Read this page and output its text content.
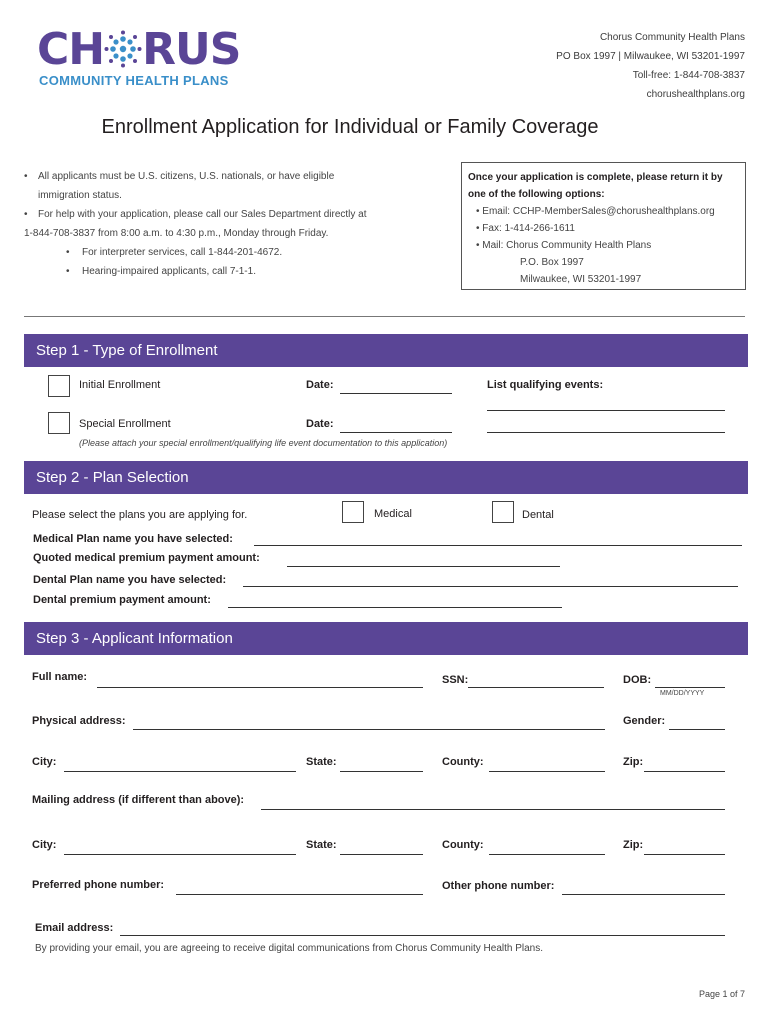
CH RUS
COMMUNITY HEALTH PLANS
Chorus Community Health Plans
PO Box 1997 | Milwaukee, WI 53201-1997
Toll-free: 1-844-708-3837
chorushealthplans.org
Enrollment Application for Individual or Family Coverage
• All applicants must be U.S. citizens, U.S. nationals, or have eligible
immigration status.
• For help with your application, please call our Sales Department directly at
1-844-708-3837 from 8:00 a.m. to 4:30 p.m., Monday through Friday.
• For interpreter services, call 1-844-201-4672.
• Hearing-impaired applicants, call 7-1-1.
Once your application is complete, please return it by
one of the following options:
• Email: CCHP-MemberSales@chorushealthplans.org
• Fax: 1-414-266-1611
• Mail: Chorus Community Health Plans
P.O. Box 1997
Milwaukee, WI 53201-1997
Step 1 - Type of Enrollment
Initial Enrollment	Date:	List qualifying events:
Special Enrollment	Date:
(Please attach your special enrollment/qualifying life event documentation to this application)
Step 2 - Plan Selection
Please select the plans you are applying for.	Medical	Dental
Medical Plan name you have selected:
Quoted medical premium payment amount:
Dental Plan name you have selected:
Dental premium payment amount:
Step 3 - Applicant Information
Full name:	SSN:	DOB:
MM/DD/YYYY
Physical address:	Gender:
City:	State:	County:	Zip:
Mailing address (if different than above):
City:	State:	County:	Zip:
Preferred phone number:	Other phone number:
Email address:
By providing your email, you are agreeing to receive digital communications from Chorus Community Health Plans.
Page 1 of 7
